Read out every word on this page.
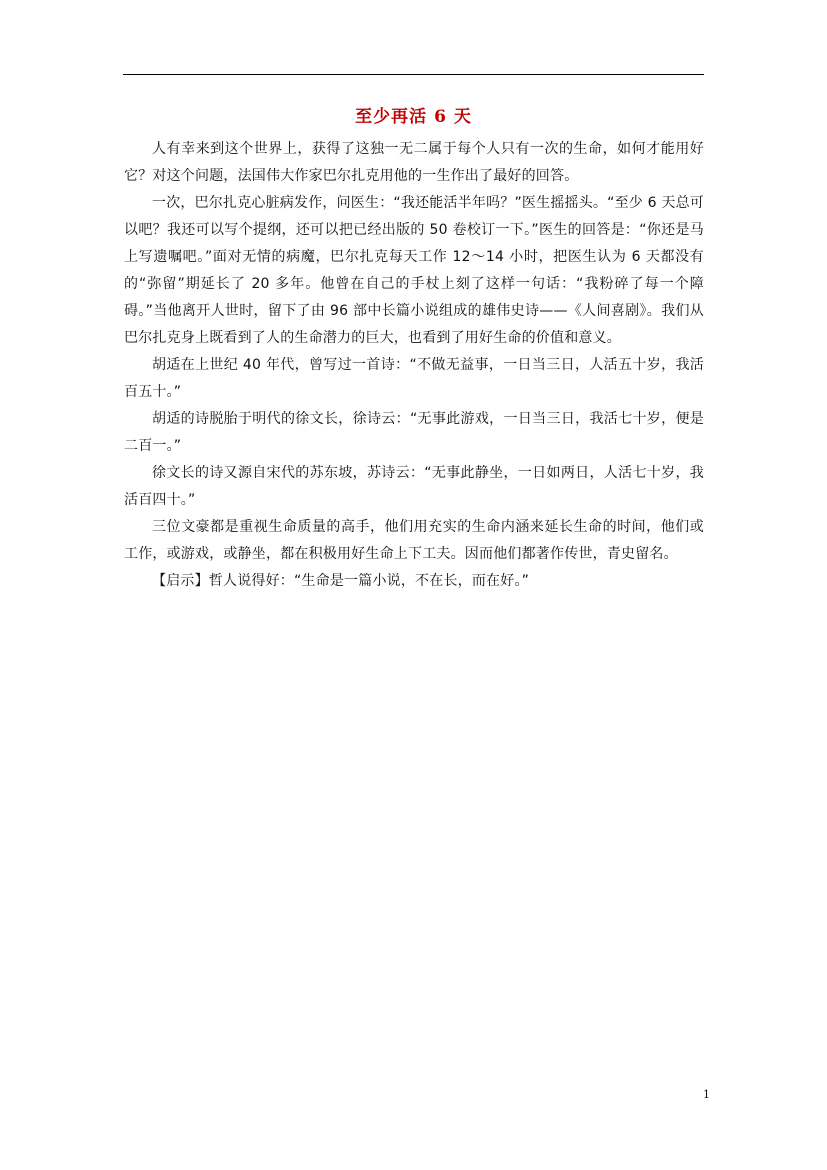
至少再活 6 天

人有幸来到这个世界上，获得了这独一无二属于每个人只有一次的生命，如何才能用好它？对这个问题，法国伟大作家巴尔扎克用他的一生作出了最好的回答。

一次，巴尔扎克心脏病发作，问医生：“我还能活半年吗？”医生摇摇头。“至少 6 天总可以吧？我还可以写个提纲，还可以把已经出版的 50 卷校订一下。”医生的回答是：“你还是马上写遗嘱吧。”面对无情的病魔，巴尔扎克每天工作 12～14 小时，把医生认为 6 天都没有的“弥留”期延长了 20 多年。他曾在自己的手杖上刻了这样一句话：“我粉碎了每一个障碍。”当他离开人世时，留下了由 96 部中长篇小说组成的雄伟史诗——《人间喜剧》。我们从巴尔扎克身上既看到了人的生命潜力的巨大，也看到了用好生命的价值和意义。

胡适在上世纪 40 年代，曾写过一首诗：“不做无益事，一日当三日，人活五十岁，我活百五十。”

胡适的诗脱胎于明代的徐文长，徐诗云：“无事此游戏，一日当三日，我活七十岁，便是二百一。”

徐文长的诗又源自宋代的苏东坡，苏诗云：“无事此静坐，一日如两日，人活七十岁，我活百四十。”

三位文豪都是重视生命质量的高手，他们用充实的生命内涵来延长生命的时间，他们或工作，或游戏，或静坐，都在积极用好生命上下工夫。因而他们都著作传世，青史留名。

【启示】哲人说得好：“生命是一篇小说，不在长，而在好。”

1
